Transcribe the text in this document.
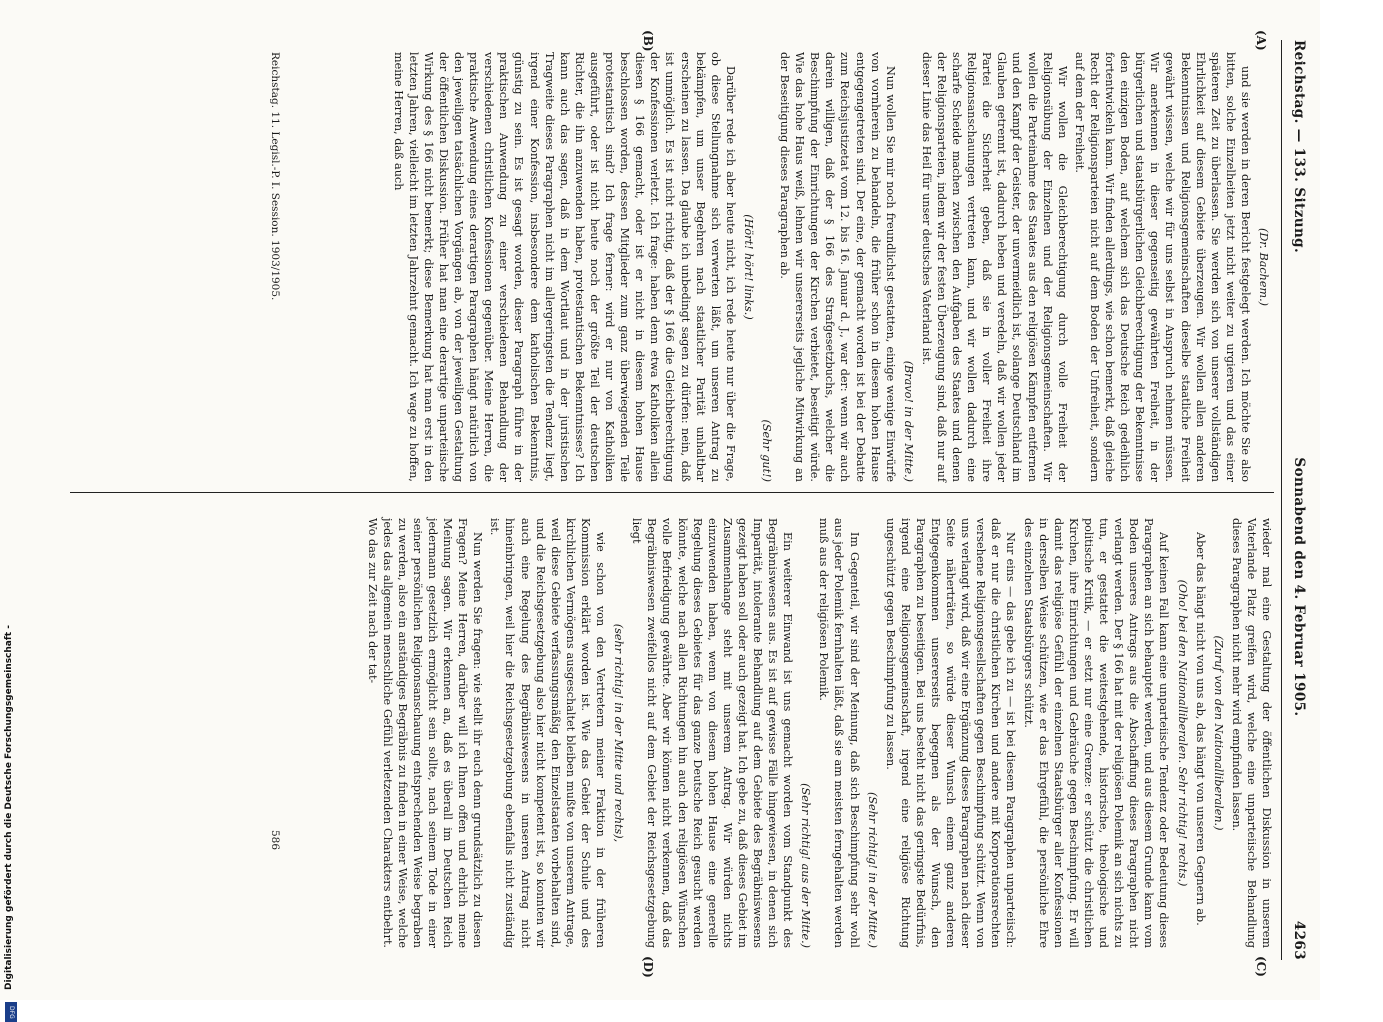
Reichstag. — 133. Sitzung.
Sonnabend den 4. Februar 1905.
4263
(A)
(B)
(C)
(D)

(Dr. Bachem.)

und sie werden in deren Bericht festgelegt werden. Ich möchte Sie also bitten, solche Einzelheiten jetzt nicht weiter zu urgieren und das einer späteren Zeit zu überlassen. Sie werden sich von unserer vollständigen Ehrlichkeit auf diesem Gebiete überzeugen. Wir wollen allen anderen Bekenntnissen und Religionsgemeinschaften dieselbe staatliche Freiheit gewährt wissen, welche wir für uns selbst in Anspruch nehmen müssen. Wir anerkennen in dieser gegenseitig gewährten Freiheit, in der bürgerlichen und staatsbürgerlichen Gleichberechtigung der Bekenntnisse den einzigen Boden, auf welchem sich das Deutsche Reich gedeihlich fortentwickeln kann. Wir finden allerdings, wie schon bemerkt, daß gleiche Recht der Religionsparteien nicht auf dem Boden der Unfreiheit, sondern auf dem der Freiheit.

Wir wollen die Gleichberechtigung durch volle Freiheit der Religionsübung der Einzelnen und der Religionsgemeinschaften. Wir wollen die Parteinahme des Staates aus den religiösen Kämpfen entfernen und den Kampf der Geister, der unvermeidlich ist, solange Deutschland im Glauben getrennt ist, dadurch heben und veredeln, daß wir wollen jeder Partei die Sicherheit geben, daß sie in voller Freiheit ihre Religionsanschauungen vertreten kann, und wir wollen dadurch eine scharfe Scheide machen zwischen den Aufgaben des Staates und denen der Religionsparteien, indem wir der festen Überzeugung sind, daß nur auf dieser Linie das Heil für unser deutsches Vaterland ist.

(Bravo! in der Mitte.)

Nun wollen Sie mir noch freundlichst gestatten, einige wenige Einwürfe von vornherein zu behandeln, die früher schon in diesem hohen Hause entgegengetreten sind. Der eine, der gemacht worden ist bei der Debatte zum Reichsjustizetat vom 12. bis 16. Januar d. J., war der: wenn wir auch darein willigen, daß der § 166 des Strafgesetzbuchs, welcher die Beschimpfung der Einrichtungen der Kirchen verbietet, beseitigt würde. Wie das hohe Haus weiß, lehnen wir unsererseits jegliche Mitwirkung an der Beseitigung dieses Paragraphen ab.

(Sehr gut!)

(Hört! hört! links.)

Darüber rede ich aber heute nicht, ich rede heute nur über die Frage, ob diese Stellungnahme sich verwerten läßt, um unseren Antrag zu bekämpfen, um unser Begehren nach staatlicher Parität unhaltbar erscheinen zu lassen. Da glaube ich unbedingt sagen zu dürfen: nein, daß ist unmöglich. Es ist nicht richtig, daß der § 166 die Gleichberechtigung der Konfessionen verletzt. Ich frage: haben denn etwa Katholiken allein diesen § 166 gemacht, oder ist er nicht in diesem hohen Hause beschlossen worden, dessen Mitglieder zum ganz überwiegenden Teile protestantisch sind? Ich frage ferner: wird er nur von Katholiken ausgeführt, oder ist nicht heute noch der größte Teil der deutschen Richter, die ihn anzuwenden haben, protestantischen Bekenntnisses? Ich kann auch das sagen, daß in dem Wortlaut und in der juristischen Tragweite dieses Paragraphen nicht im allergeringsten die Tendenz liegt, irgend einer Konfession, insbesondere dem katholischen Bekenntnis, günstig zu sein. Es ist gesagt worden, dieser Paragraph führe in der praktischen Anwendung zu einer verschiedenen Behandlung der verschiedenen christlichen Konfessionen gegenüber. Meine Herren, die praktische Anwendung eines derartigen Paragraphen hängt natürlich von den jeweiligen tatsächlichen Vorgängen ab, von der jeweiligen Gestaltung der öffentlichen Diskussion. Früher hat man eine derartige unparteiische Wirkung des § 166 nicht bemerkt; diese Bemerkung hat man erst in den letzten Jahren, vielleicht im letzten Jahrzehnt gemacht. Ich wage zu hoffen, meine Herren, daß auch

wieder mal eine Gestaltung der öffentlichen Diskussion in unserem Vaterlande Platz greifen wird, welche eine unparteiische Behandlung dieses Paragraphen nicht mehr wird empfinden lassen.

(Zuruf von den Nationalliberalen.)

Aber das hängt nicht von uns ab, das hängt von unseren Gegnern ab.

(Oho! bei den Nationalliberalen. Sehr richtig! rechts.)

Auf keinen Fall kann eine unparteiische Tendenz oder Bedeutung dieses Paragraphen an sich behauptet werden, und aus diesem Grunde kann vom Boden unseres Antrags aus die Abschaffung dieses Paragraphen nicht verlangt werden. Der § 166 hat mit der religiösen Polemik an sich nichts zu tun, er gestattet die weitestgehende, historische, theologische und politische Kritik, — er setzt nur eine Grenze: er schützt die christlichen Kirchen, ihre Einrichtungen und Gebräuche gegen Beschimpfung. Er will damit das religiöse Gefühl der einzelnen Staatsbürger aller Konfessionen in derselben Weise schützen, wie er das Ehrgefühl, die persönliche Ehre des einzelnen Staatsbürgers schützt.

Nur eins — das gebe ich zu — ist bei diesem Paragraphen unparteiisch: daß er nur die christlichen Kirchen und andere mit Korporationsrechten versehene Religionsgesellschaften gegen Beschimpfung schützt. Wenn von uns verlangt wird, daß wir eine Ergänzung dieses Paragraphen nach dieser Seite näherträten, so würde dieser Wunsch einem ganz anderen Entgegenkommen unsererseits begegnen als der Wunsch, den Paragraphen zu beseitigen. Bei uns besteht nicht das geringste Bedürfnis, irgend eine Religionsgemeinschaft, irgend eine religiöse Richtung ungeschützt gegen Beschimpfung zu lassen.

(Sehr richtig! in der Mitte.)

Im Gegenteil, wir sind der Meinung, daß sich Beschimpfung sehr wohl aus jeder Polemik fernhalten läßt, daß sie am meisten ferngehalten werden muß aus der religiösen Polemik.

(Sehr richtig! aus der Mitte.)

Ein weiterer Einwand ist uns gemacht worden vom Standpunkt des Begräbniswesens aus. Es ist auf gewisse Fälle hingewiesen, in denen sich Imparität, intolerante Behandlung auf dem Gebiete des Begräbniswesens gezeigt haben soll oder auch gezeigt hat. Ich gebe zu, daß dieses Gebiet im Zusammenhange steht mit unserem Antrag. Wir würden nichts einzuwenden haben, wenn von diesem hohen Hause eine generelle Regelung dieses Gebietes für das ganze Deutsche Reich gesucht werden könnte, welche nach allen Richtungen hin auch den religiösen Wünschen volle Befriedigung gewährte. Aber wir können nicht verkennen, daß das Begräbniswesen zweifellos nicht auf dem Gebiet der Reichsgesetzgebung liegt

(sehr richtig! in der Mitte und rechts),

wie schon von den Vertretern meiner Fraktion in der früheren Kommission erklärt worden ist. Wie das Gebiet der Schule und des kirchlichen Vermögens ausgeschaltet bleiben mußte von unserem Antrage, weil diese Gebiete verfassungsmäßig den Einzelstaaten vorbehalten sind, und die Reichsgesetzgebung also hier nicht kompetent ist, so konnten wir auch eine Regelung des Begräbniswesens in unseren Antrag nicht hineinbringen, weil hier die Reichsgesetzgebung ebenfalls nicht zuständig ist.

Nun werden Sie fragen: wie stellt ihr euch denn grundsätzlich zu diesen Fragen? Meine Herren, darüber will ich Ihnen offen und ehrlich meine Meinung sagen. Wir erkennen an, daß es überall im Deutschen Reich jedermann gesetzlich ermöglicht sein sollte, nach seinem Tode in einer seiner persönlichen Religionsanschauung entsprechenden Weise begraben zu werden, also ein anständiges Begräbnis zu finden in einer Weise, welche jedes das allgemein menschliche Gefühl verletzenden Charakters entbehrt. Wo das zur Zeit nach der tat-

Reichstag. 11. Legisl.-P. I. Session. 1903/1905.
586
Digitalisierung gefördert durch die Deutsche Forschungsgemeinschaft -
DFG
